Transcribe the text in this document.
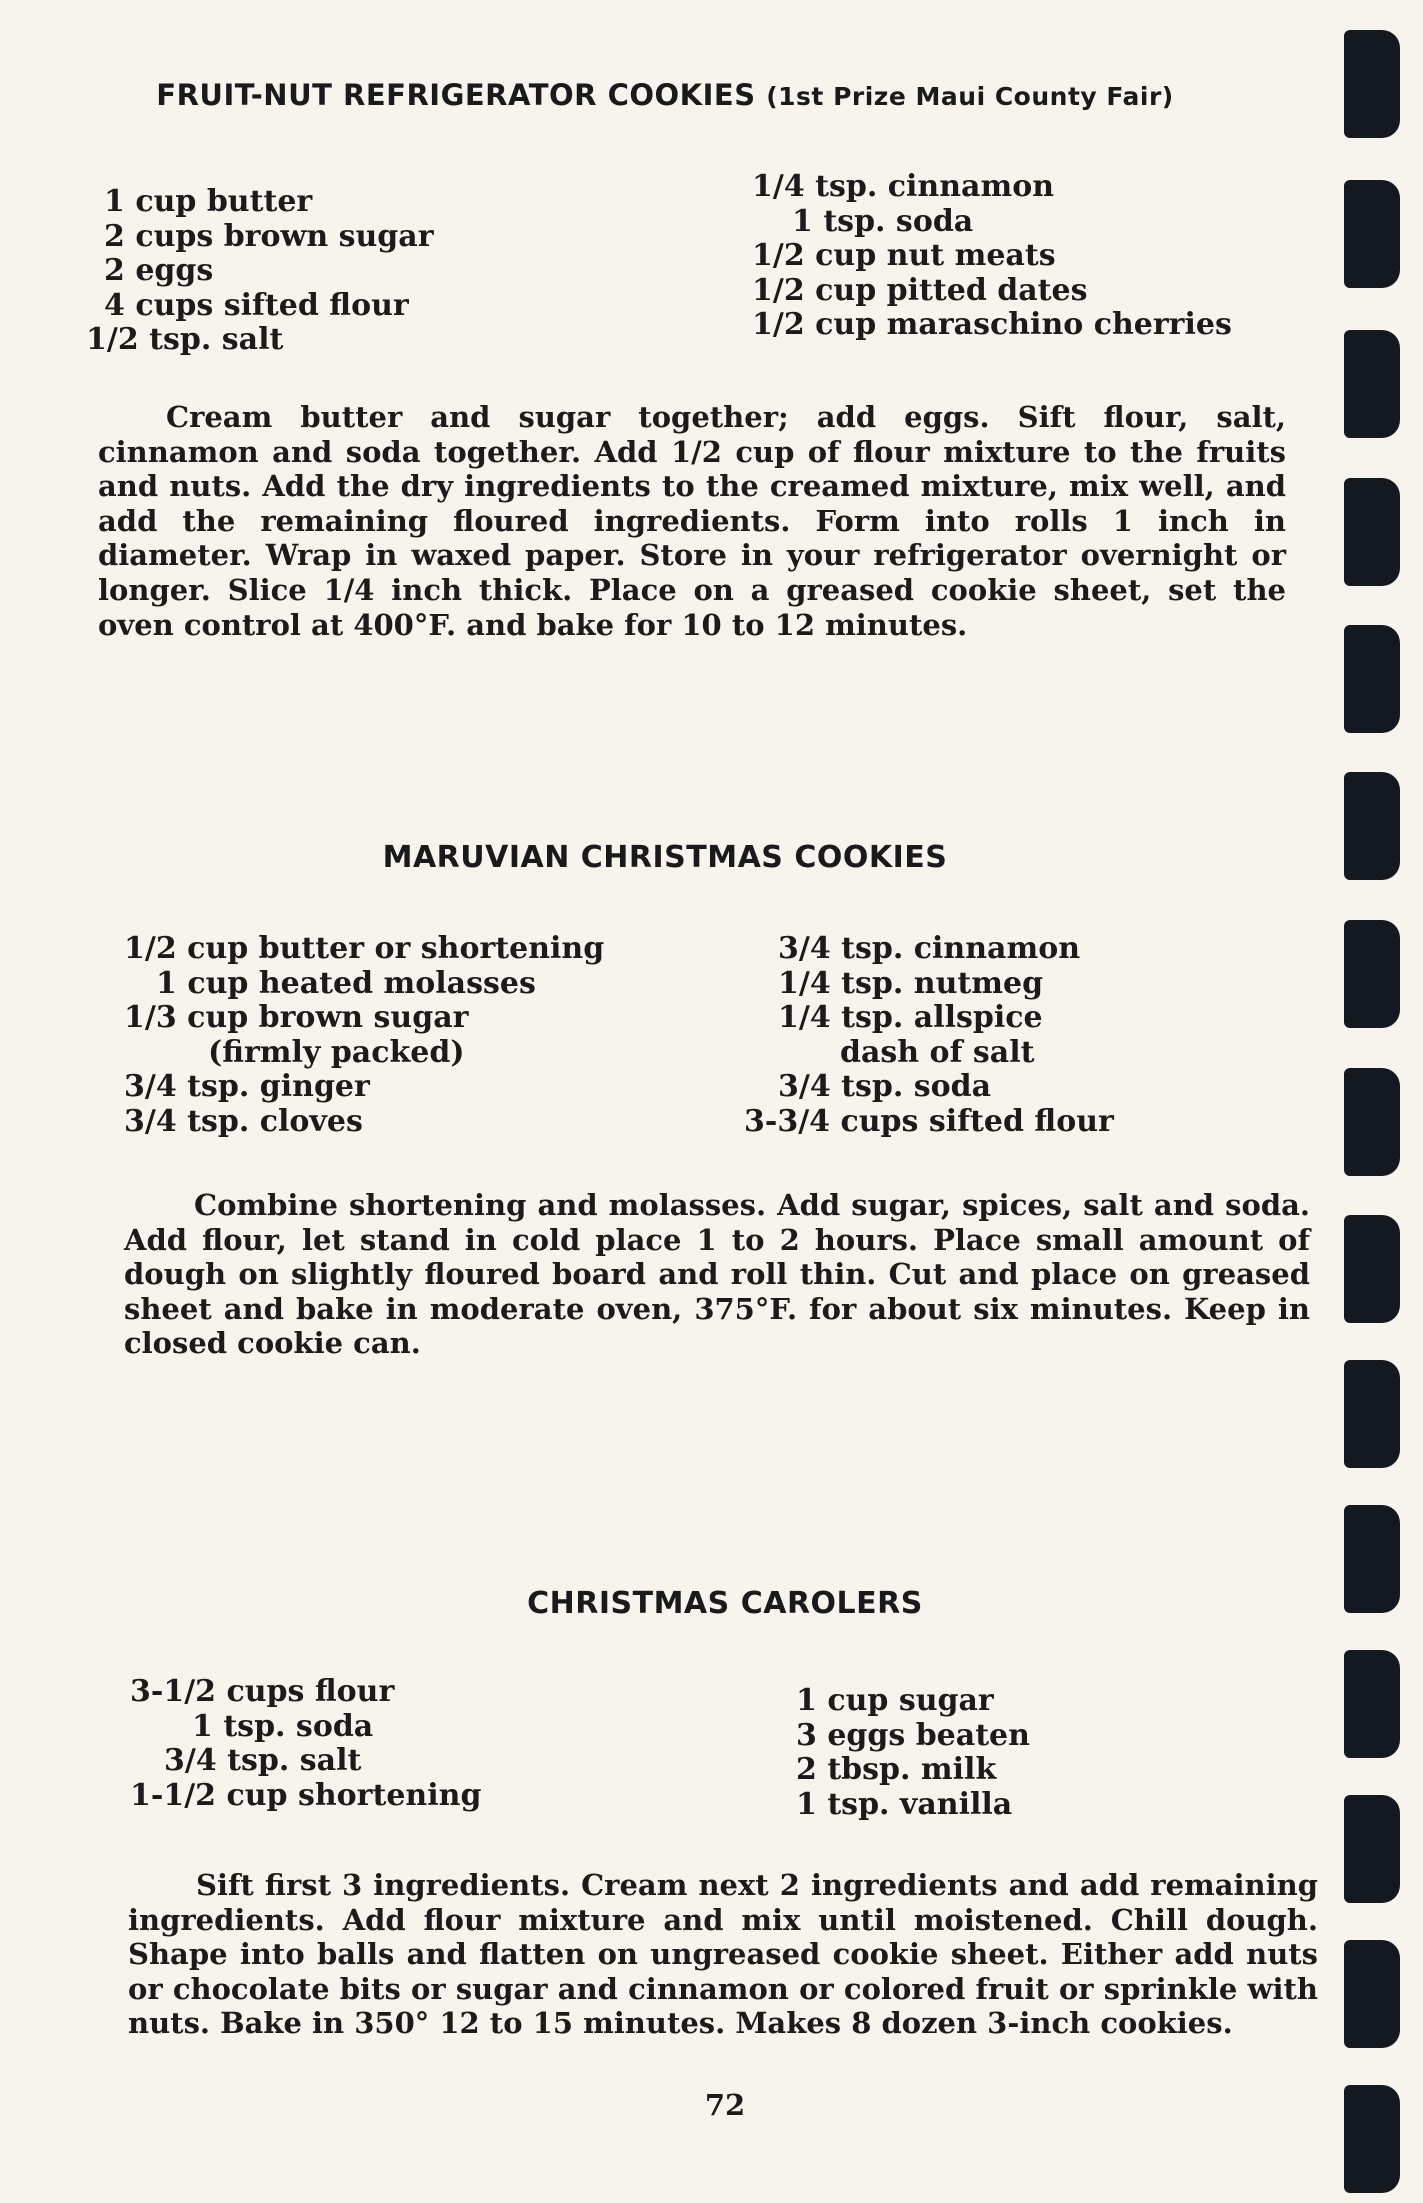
FRUIT-NUT REFRIGERATOR COOKIES (1st Prize Maui County Fair)
1 cup butter
2 cups brown sugar
2 eggs
4 cups sifted flour
1/2 tsp. salt
1/4 tsp. cinnamon
1 tsp. soda
1/2 cup nut meats
1/2 cup pitted dates
1/2 cup maraschino cherries
Cream butter and sugar together; add eggs. Sift flour, salt, cinnamon and soda together. Add 1/2 cup of flour mixture to the fruits and nuts. Add the dry ingredients to the creamed mixture, mix well, and add the remaining floured ingredients. Form into rolls 1 inch in diameter. Wrap in waxed paper. Store in your refrigerator overnight or longer. Slice 1/4 inch thick. Place on a greased cookie sheet, set the oven control at 400°F. and bake for 10 to 12 minutes.
MARUVIAN CHRISTMAS COOKIES
1/2 cup butter or shortening
1 cup heated molasses
1/3 cup brown sugar
(firmly packed)
3/4 tsp. ginger
3/4 tsp. cloves
3/4 tsp. cinnamon
1/4 tsp. nutmeg
1/4 tsp. allspice
dash of salt
3/4 tsp. soda
3-3/4 cups sifted flour
Combine shortening and molasses. Add sugar, spices, salt and soda. Add flour, let stand in cold place 1 to 2 hours. Place small amount of dough on slightly floured board and roll thin. Cut and place on greased sheet and bake in moderate oven, 375°F. for about six minutes. Keep in closed cookie can.
CHRISTMAS CAROLERS
3-1/2 cups flour
1 tsp. soda
3/4 tsp. salt
1-1/2 cup shortening
1 cup sugar
3 eggs beaten
2 tbsp. milk
1 tsp. vanilla
Sift first 3 ingredients. Cream next 2 ingredients and add remaining ingredients. Add flour mixture and mix until moistened. Chill dough. Shape into balls and flatten on ungreased cookie sheet. Either add nuts or chocolate bits or sugar and cinnamon or colored fruit or sprinkle with nuts. Bake in 350° 12 to 15 minutes. Makes 8 dozen 3-inch cookies.
72
